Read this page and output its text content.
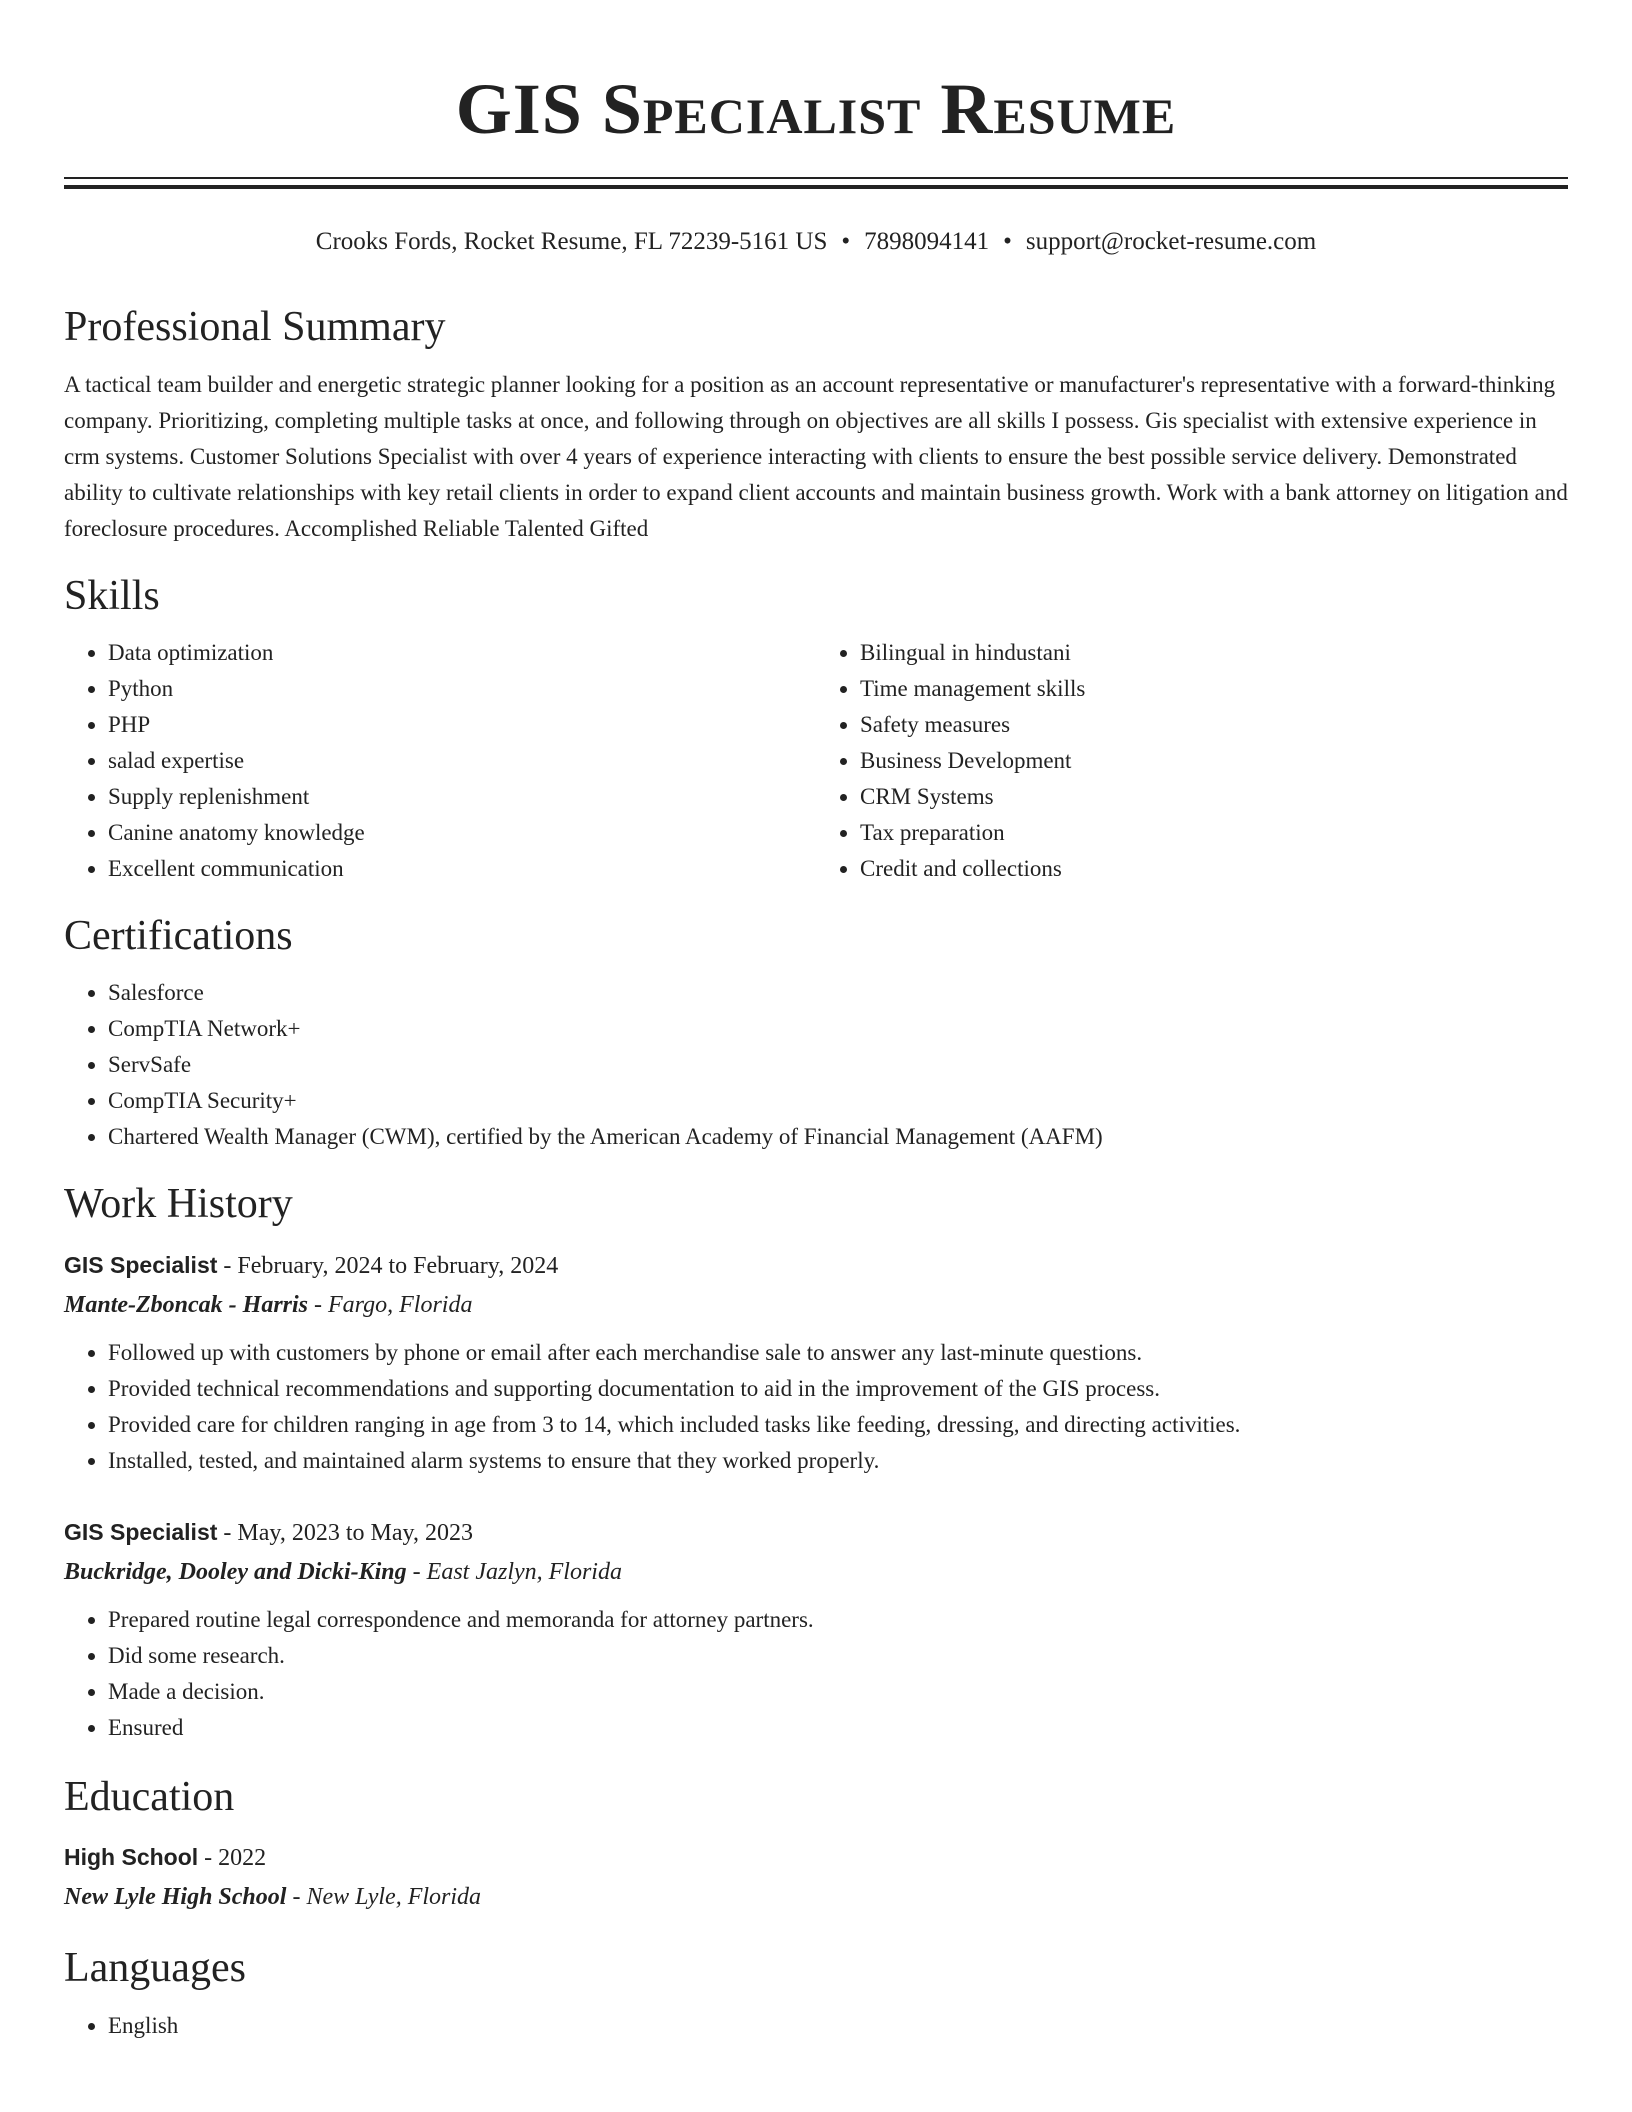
GIS Specialist Resume

Crooks Fords, Rocket Resume, FL 72239-5161 US • 7898094141 • support@rocket-resume.com

Professional Summary

A tactical team builder and energetic strategic planner looking for a position as an account representative or manufacturer's representative with a forward-thinking company. Prioritizing, completing multiple tasks at once, and following through on objectives are all skills I possess. Gis specialist with extensive experience in crm systems. Customer Solutions Specialist with over 4 years of experience interacting with clients to ensure the best possible service delivery. Demonstrated ability to cultivate relationships with key retail clients in order to expand client accounts and maintain business growth. Work with a bank attorney on litigation and foreclosure procedures. Accomplished Reliable Talented Gifted

Skills
• Data optimization
• Python
• PHP
• salad expertise
• Supply replenishment
• Canine anatomy knowledge
• Excellent communication
• Bilingual in hindustani
• Time management skills
• Safety measures
• Business Development
• CRM Systems
• Tax preparation
• Credit and collections
Certifications
• Salesforce
• CompTIA Network+
• ServSafe
• CompTIA Security+
• Chartered Wealth Manager (CWM), certified by the American Academy of Financial Management (AAFM)
Work History

GIS Specialist - February, 2024 to February, 2024

Mante-Zboncak - Harris - Fargo, Florida

• Followed up with customers by phone or email after each merchandise sale to answer any last-minute questions.
• Provided technical recommendations and supporting documentation to aid in the improvement of the GIS process.
• Provided care for children ranging in age from 3 to 14, which included tasks like feeding, dressing, and directing activities.
• Installed, tested, and maintained alarm systems to ensure that they worked properly.

GIS Specialist - May, 2023 to May, 2023

Buckridge, Dooley and Dicki-King - East Jazlyn, Florida

• Prepared routine legal correspondence and memoranda for attorney partners.
• Did some research.
• Made a decision.
• Ensured
Education

High School - 2022

New Lyle High School - New Lyle, Florida

Languages
• English
